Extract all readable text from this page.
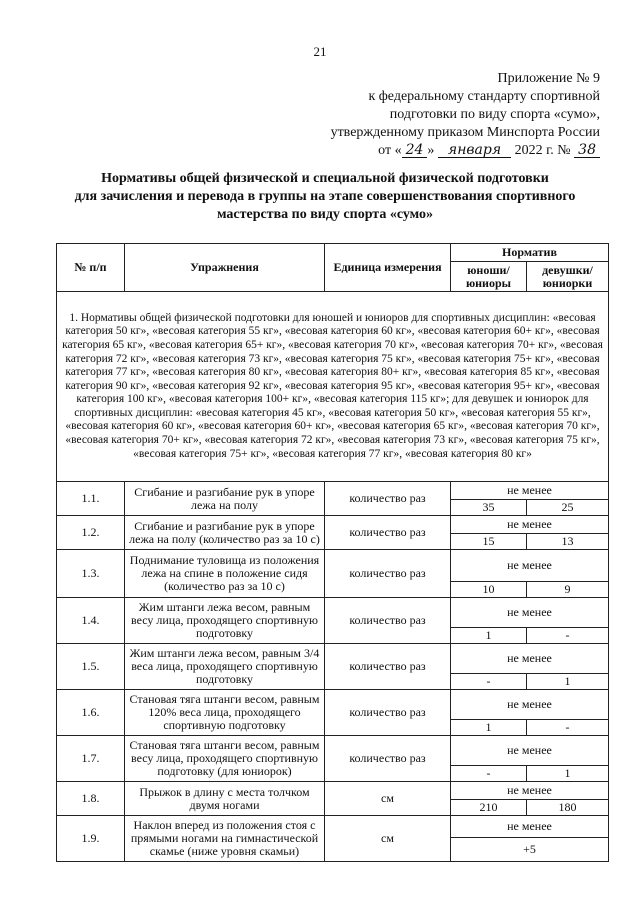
21
Приложение № 9
к федеральному стандарту спортивной
подготовки по виду спорта «сумо»,
утвержденному приказом Минспорта России
от « 24 » января 2022 г. № 38
Нормативы общей физической и специальной физической подготовки
для зачисления и перевода в группы на этапе совершенствования спортивного
мастерства по виду спорта «сумо»
№ п/п	Упражнения	Единица измерения	Норматив	
			юноши/ юниоры	девушки/ юниорки
1. Нормативы общей физической подготовки для юношей и юниоров для спортивных дисциплин: «весовая категория 50 кг», «весовая категория 55 кг», «весовая категория 60 кг», «весовая категория 60+ кг», «весовая категория 65 кг», «весовая категория 65+ кг», «весовая категория 70 кг», «весовая категория 70+ кг», «весовая категория 72 кг», «весовая категория 73 кг», «весовая категория 75 кг», «весовая категория 75+ кг», «весовая категория 77 кг», «весовая категория 80 кг», «весовая категория 80+ кг», «весовая категория 85 кг», «весовая категория 90 кг», «весовая категория 92 кг», «весовая категория 95 кг», «весовая категория 95+ кг», «весовая категория 100 кг», «весовая категория 100+ кг», «весовая категория 115 кг»; для девушек и юниорок для спортивных дисциплин: «весовая категория 45 кг», «весовая категория 50 кг», «весовая категория 55 кг», «весовая категория 60 кг», «весовая категория 60+ кг», «весовая категория 65 кг», «весовая категория 70 кг», «весовая категория 70+ кг», «весовая категория 72 кг», «весовая категория 73 кг», «весовая категория 75 кг», «весовая категория 75+ кг», «весовая категория 77 кг», «весовая категория 80 кг»				
1.1.	Сгибание и разгибание рук в упоре лежа на полу	количество раз	не менее	
			35	25
1.2.	Сгибание и разгибание рук в упоре лежа на полу (количество раз за 10 с)	количество раз	не менее	
			15	13
1.3.	Поднимание туловища из положения лежа на спине в положение сидя (количество раз за 10 с)	количество раз	не менее	
			10	9
1.4.	Жим штанги лежа весом, равным весу лица, проходящего спортивную подготовку	количество раз	не менее	
			1	-
1.5.	Жим штанги лежа весом, равным 3/4 веса лица, проходящего спортивную подготовку	количество раз	не менее	
			-	1
1.6.	Становая тяга штанги весом, равным 120% веса лица, проходящего спортивную подготовку	количество раз	не менее	
			1	-
1.7.	Становая тяга штанги весом, равным весу лица, проходящего спортивную подготовку (для юниорок)	количество раз	не менее	
			-	1
1.8.	Прыжок в длину с места толчком двумя ногами	см	не менее	
			210	180
1.9.	Наклон вперед из положения стоя с прямыми ногами на гимнастической скамье (ниже уровня скамьи)	см	не менее	
			+5	
